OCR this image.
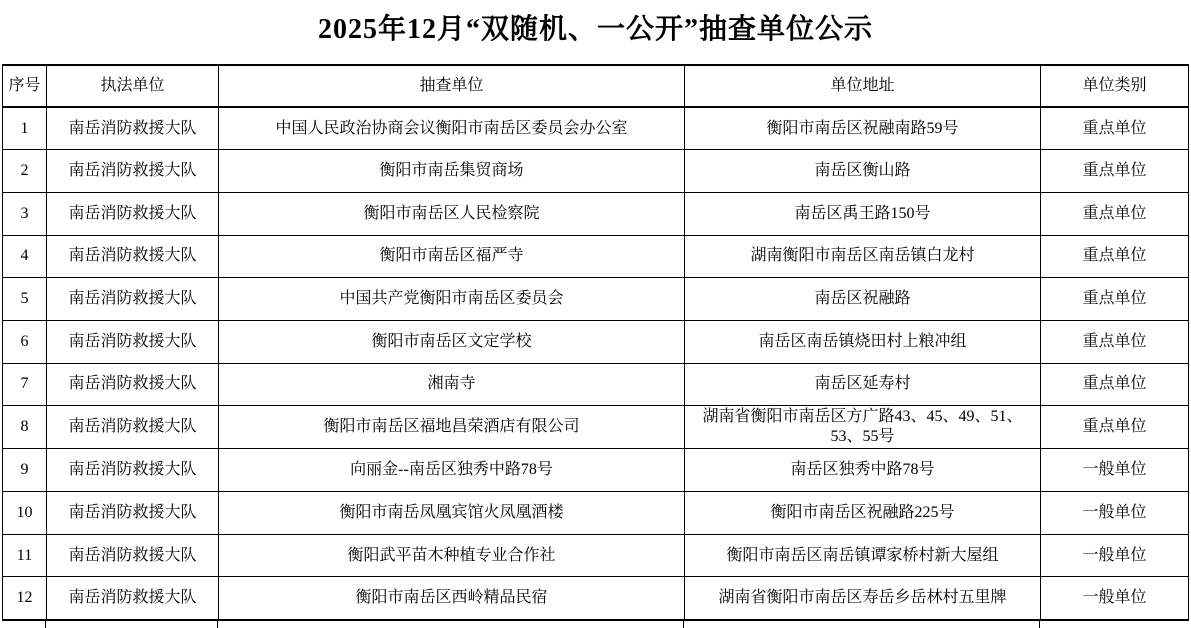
2025年12月“双随机、一公开”抽查单位公示
序号	执法单位	抽查单位	单位地址	单位类别
1	南岳消防救援大队	中国人民政治协商会议衡阳市南岳区委员会办公室	衡阳市南岳区祝融南路59号	重点单位
2	南岳消防救援大队	衡阳市南岳集贸商场	南岳区衡山路	重点单位
3	南岳消防救援大队	衡阳市南岳区人民检察院	南岳区禹王路150号	重点单位
4	南岳消防救援大队	衡阳市南岳区福严寺	湖南衡阳市南岳区南岳镇白龙村	重点单位
5	南岳消防救援大队	中国共产党衡阳市南岳区委员会	南岳区祝融路	重点单位
6	南岳消防救援大队	衡阳市南岳区文定学校	南岳区南岳镇烧田村上粮冲组	重点单位
7	南岳消防救援大队	湘南寺	南岳区延寿村	重点单位
8	南岳消防救援大队	衡阳市南岳区福地昌荣酒店有限公司	湖南省衡阳市南岳区方广路43、45、49、51、53、55号	重点单位
9	南岳消防救援大队	向丽金--南岳区独秀中路78号	南岳区独秀中路78号	一般单位
10	南岳消防救援大队	衡阳市南岳凤凰宾馆火凤凰酒楼	衡阳市南岳区祝融路225号	一般单位
11	南岳消防救援大队	衡阳武平苗木种植专业合作社	衡阳市南岳区南岳镇谭家桥村新大屋组	一般单位
12	南岳消防救援大队	衡阳市南岳区西岭精品民宿	湖南省衡阳市南岳区寿岳乡岳林村五里牌	一般单位
